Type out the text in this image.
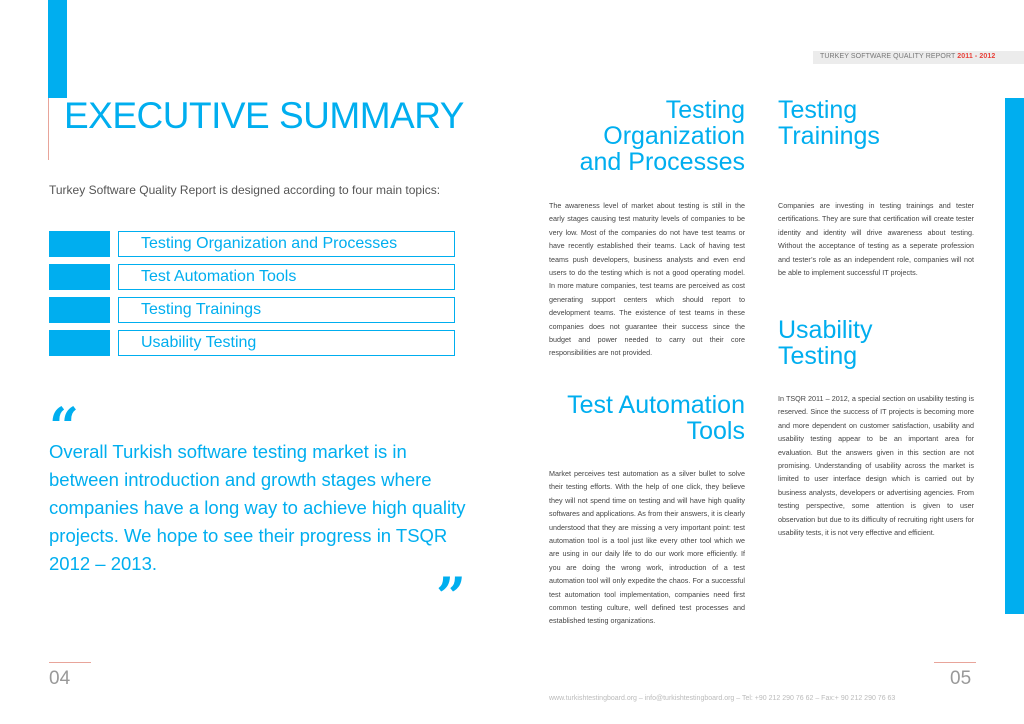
TURKEY SOFTWARE QUALITY REPORT 2011 - 2012
EXECUTIVE SUMMARY
Turkey Software Quality Report is designed according to four main topics:
Testing Organization and Processes
Test Automation Tools
Testing Trainings
Usability Testing
“
Overall Turkish software testing market is in between introduction and growth stages where companies have a long way to achieve high quality projects. We hope to see their progress in TSQR 2012 – 2013.
”
04
Testing
Organization
and Processes
The awareness level of market about testing is still in the early stages causing test maturity levels of companies to be very low. Most of the companies do not have test teams or have recently established their teams. Lack of having test teams push developers, business analysts and even end users to do the testing which is not a good operating model. In more mature companies, test teams are perceived as cost generating support centers which should report to development teams. The existence of test teams in these companies does not guarantee their success since the budget and power needed to carry out their core responsibilities are not provided.
Test Automation
Tools
Market perceives test automation as a silver bullet to solve their testing efforts. With the help of one click, they believe they will not spend time on testing and will have high quality softwares and applications. As from their answers, it is clearly understood that they are missing a very important point: test automation tool is a tool just like every other tool which we are using in our daily life to do our work more efficiently. If you are doing the wrong work, introduction of a test automation tool will only expedite the chaos. For a successful test automation tool implementation, companies need first common testing culture, well defined test processes and established testing organizations.
Testing
Trainings
Companies are investing in testing trainings and tester certifications. They are sure that certification will create tester identity and identity will drive awareness about testing. Without the acceptance of testing as a seperate profession and tester’s role as an independent role, companies will not be able to implement successful IT projects.
Usability
Testing
In TSQR 2011 – 2012, a special section on usability testing is reserved. Since the success of IT projects is becoming more and more dependent on customer satisfaction, usability and usability testing appear to be an important area for evaluation. But the answers given in this section are not promising. Understanding of usability across the market is limited to user interface design which is carried out by business analysts, developers or advertising agencies. From testing perspective, some attention is given to user observation but due to its difficulty of recruiting right users for usability tests, it is not very effective and efficient.
05
www.turkishtestingboard.org – info@turkishtestingboard.org – Tel: +90 212 290 76 62 – Fax:+ 90 212 290 76 63
